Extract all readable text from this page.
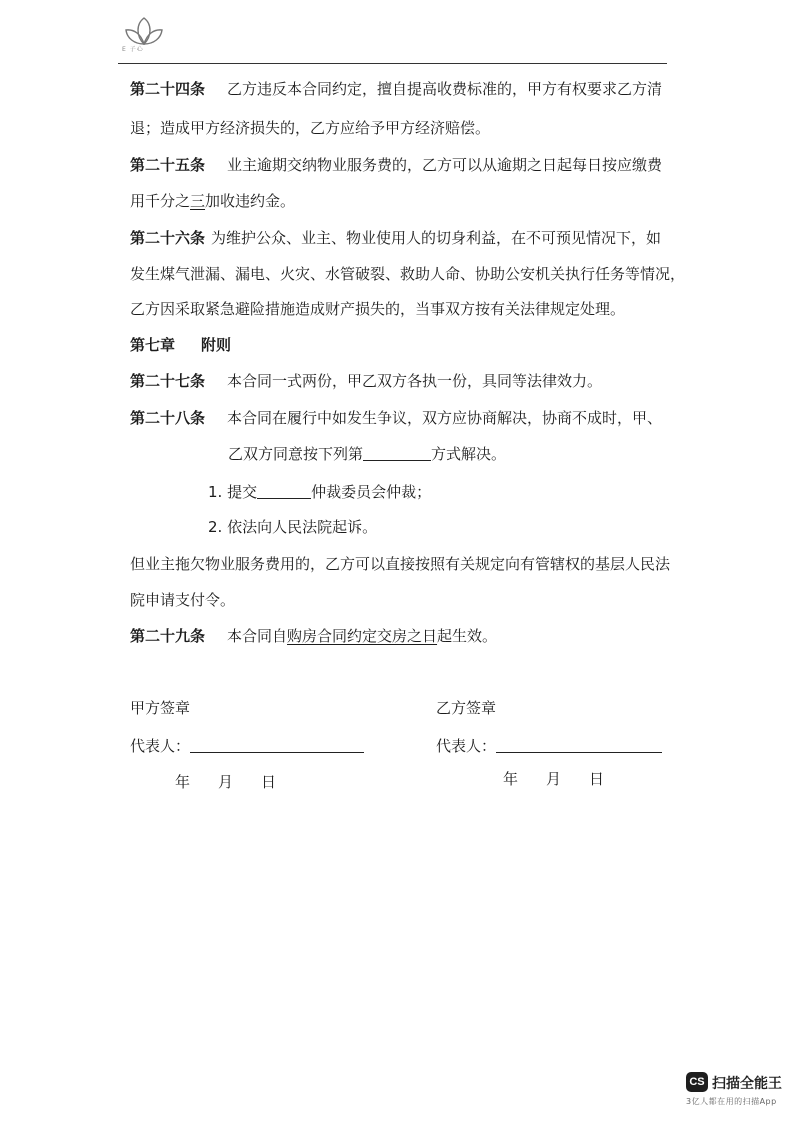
E 子心
第二十四条 乙方违反本合同约定，擅自提高收费标准的，甲方有权要求乙方清
退；造成甲方经济损失的，乙方应给予甲方经济赔偿。
第二十五条 业主逾期交纳物业服务费的，乙方可以从逾期之日起每日按应缴费
用千分之三加收违约金。
第二十六条 为维护公众、业主、物业使用人的切身利益，在不可预见情况下，如
发生煤气泄漏、漏电、火灾、水管破裂、救助人命、协助公安机关执行任务等情况，
乙方因采取紧急避险措施造成财产损失的，当事双方按有关法律规定处理。
第七章 附则
第二十七条 本合同一式两份，甲乙双方各执一份，具同等法律效力。
第二十八条 本合同在履行中如发生争议，双方应协商解决，协商不成时，甲、
乙双方同意按下列第	方式解决。
1. 提交	仲裁委员会仲裁；
2. 依法向人民法院起诉。
但业主拖欠物业服务费用的，乙方可以直接按照有关规定向有管辖权的基层人民法
院申请支付令。
第二十九条 本合同自购房合同约定交房之日起生效。
甲方签章
代表人：
年 月 日
乙方签章
代表人：
年 月 日
CS 扫描全能王
3亿人都在用的扫描App
